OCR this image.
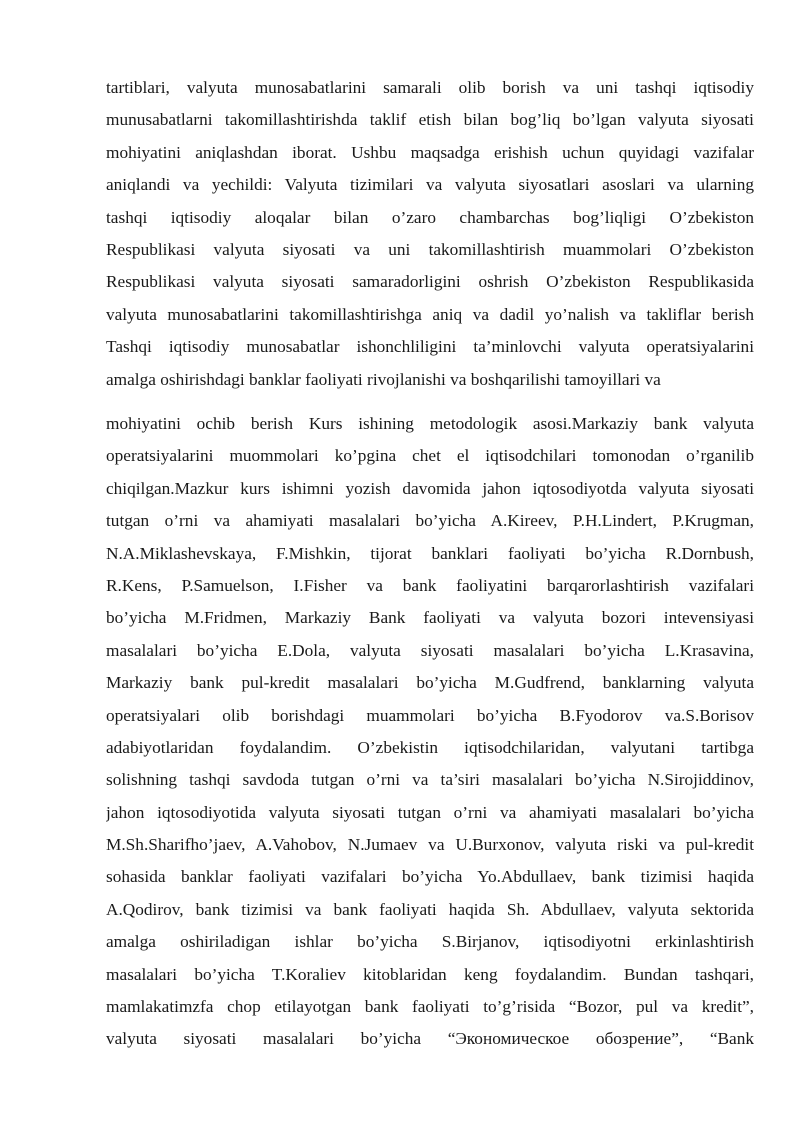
tartiblari, valyuta munosabatlarini samarali olib borish va uni tashqi iqtisodiy
munusabatlarni takomillashtirishda taklif etish bilan bog’liq bo’lgan valyuta siyosati
mohiyatini aniqlashdan iborat. Ushbu maqsadga erishish uchun quyidagi vazifalar
aniqlandi va yechildi: Valyuta tizimilari va valyuta siyosatlari asoslari va ularning
tashqi iqtisodiy aloqalar bilan o’zaro chambarchas bog’liqligi O’zbekiston
Respublikasi valyuta siyosati va uni takomillashtirish muammolari O’zbekiston
Respublikasi valyuta siyosati samaradorligini oshrish O’zbekiston Respublikasida
valyuta munosabatlarini takomillashtirishga aniq va dadil yo’nalish va takliflar berish
Tashqi iqtisodiy munosabatlar ishonchliligini ta’minlovchi valyuta operatsiyalarini
amalga oshirishdagi banklar faoliyati rivojlanishi va boshqarilishi tamoyillari va
mohiyatini ochib berish Kurs ishining metodologik asosi.Markaziy bank valyuta
operatsiyalarini muommolari ko’pgina chet el iqtisodchilari tomonodan o’rganilib
chiqilgan.Mazkur kurs ishimni yozish davomida jahon iqtosodiyotda valyuta siyosati
tutgan o’rni va ahamiyati masalalari bo’yicha A.Kireev, P.H.Lindert, P.Krugman,
N.A.Miklashevskaya, F.Mishkin, tijorat banklari faoliyati bo’yicha R.Dornbush,
R.Kens, P.Samuelson, I.Fisher va bank faoliyatini barqarorlashtirish vazifalari
bo’yicha M.Fridmen, Markaziy Bank faoliyati va valyuta bozori intevensiyasi
masalalari bo’yicha E.Dola, valyuta siyosati masalalari bo’yicha L.Krasavina,
Markaziy bank pul-kredit masalalari bo’yicha M.Gudfrend, banklarning valyuta
operatsiyalari olib borishdagi muammolari bo’yicha B.Fyodorov va.S.Borisov
adabiyotlaridan foydalandim. O’zbekistin iqtisodchilaridan, valyutani tartibga
solishning tashqi savdoda tutgan o’rni va ta’siri masalalari bo’yicha N.Sirojiddinov,
jahon iqtosodiyotida valyuta siyosati tutgan o’rni va ahamiyati masalalari bo’yicha
M.Sh.Sharifho’jaev, A.Vahobov, N.Jumaev va U.Burxonov, valyuta riski va pul-kredit
sohasida banklar faoliyati vazifalari bo’yicha Yo.Abdullaev, bank tizimisi haqida
A.Qodirov, bank tizimisi va bank faoliyati haqida Sh. Abdullaev, valyuta sektorida
amalga oshiriladigan ishlar bo’yicha S.Birjanov, iqtisodiyotni erkinlashtirish
masalalari bo’yicha T.Koraliev kitoblaridan keng foydalandim. Bundan tashqari,
mamlakatimzfa chop etilayotgan bank faoliyati to’g’risida “Bozor, pul va kredit”,
valyuta siyosati masalalari bo’yicha “Экономическое обозрение”, “Bank
